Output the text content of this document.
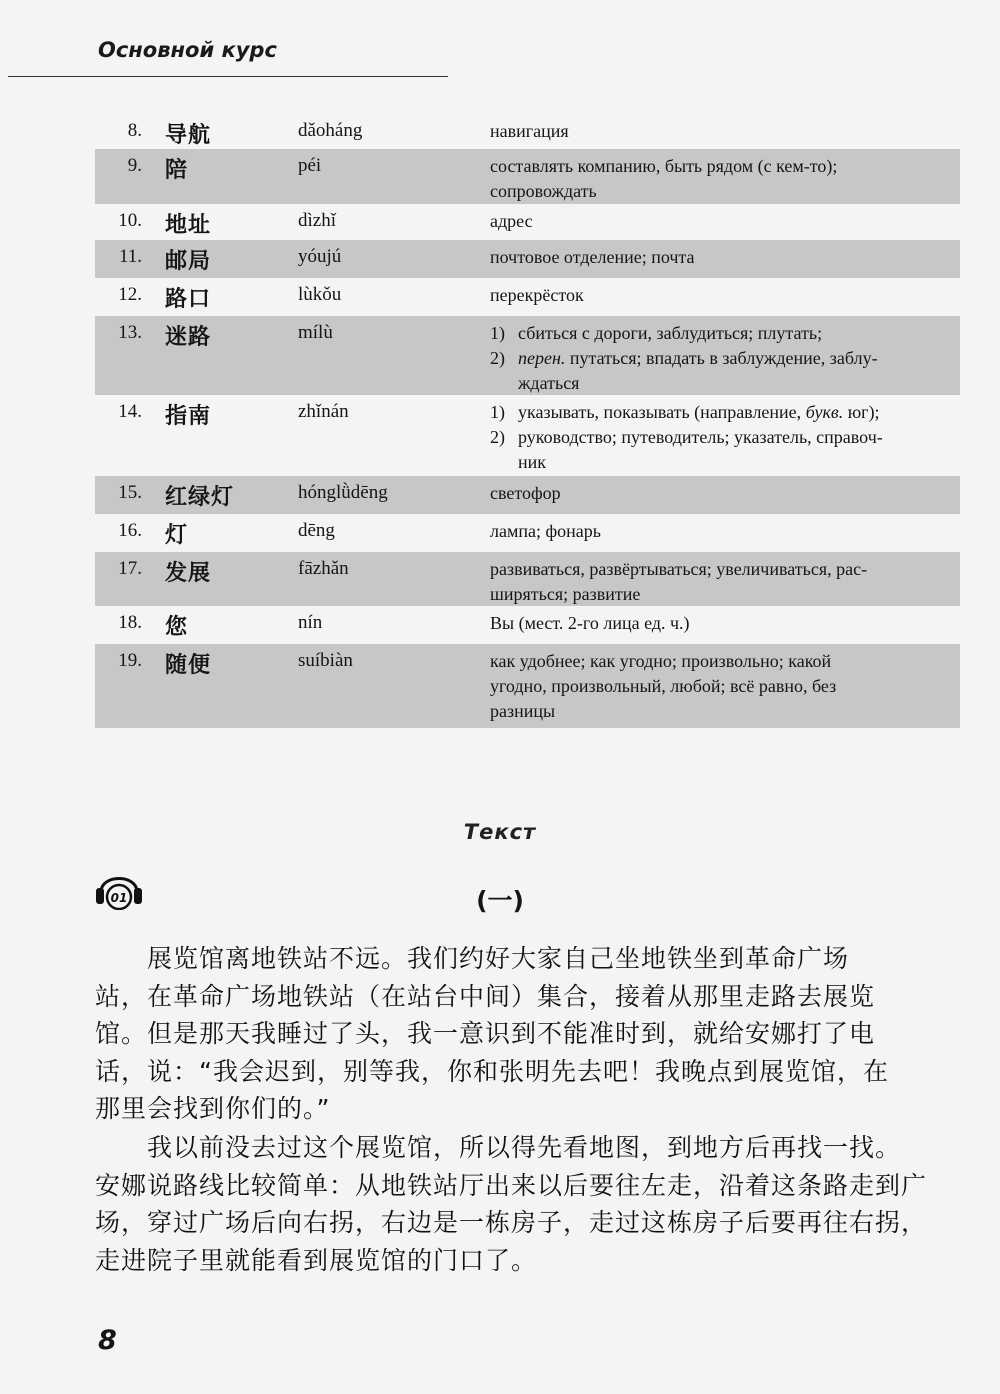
Основной курс
8. 导航	dǎoháng	навигация
9. 陪	péi	составлять компанию, быть рядом (с кем-то);
сопровождать
10. 地址	dìzhǐ	адрес
11. 邮局	yóujú	почтовое отделение; почта
12. 路口	lùkǒu	перекрёсток
13. 迷路	mílù	1) сбиться с дороги, заблудиться; плутать;
2) перен. путаться; впадать в заблуждение, заблу-
ждаться
14. 指南	zhǐnán	1) указывать, показывать (направление, букв. юг);
2) руководство; путеводитель; указатель, справоч-
ник
15. 红绿灯	hónglǜdēng	светофор
16. 灯	dēng	лампа; фонарь
17. 发展	fāzhǎn	развиваться, развёртываться; увеличиваться, рас-
ширяться; развитие
18. 您	nín	Вы (мест. 2-го лица ед. ч.)
19. 随便	suíbiàn	как удобнее; как угодно; произвольно; какой
угодно, произвольный, любой; всё равно, без
разницы
Текст
01	(一)
　　展览馆离地铁站不远。我们约好大家自己坐地铁坐到革命广场
站，在革命广场地铁站（在站台中间）集合，接着从那里走路去展览
馆。但是那天我睡过了头，我一意识到不能准时到，就给安娜打了电
话，说：“我会迟到，别等我，你和张明先去吧！我晚点到展览馆，在
那里会找到你们的。”
　　我以前没去过这个展览馆，所以得先看地图，到地方后再找一找。
安娜说路线比较简单：从地铁站厅出来以后要往左走，沿着这条路走到广
场，穿过广场后向右拐，右边是一栋房子，走过这栋房子后要再往右拐，
走进院子里就能看到展览馆的门口了。
8
